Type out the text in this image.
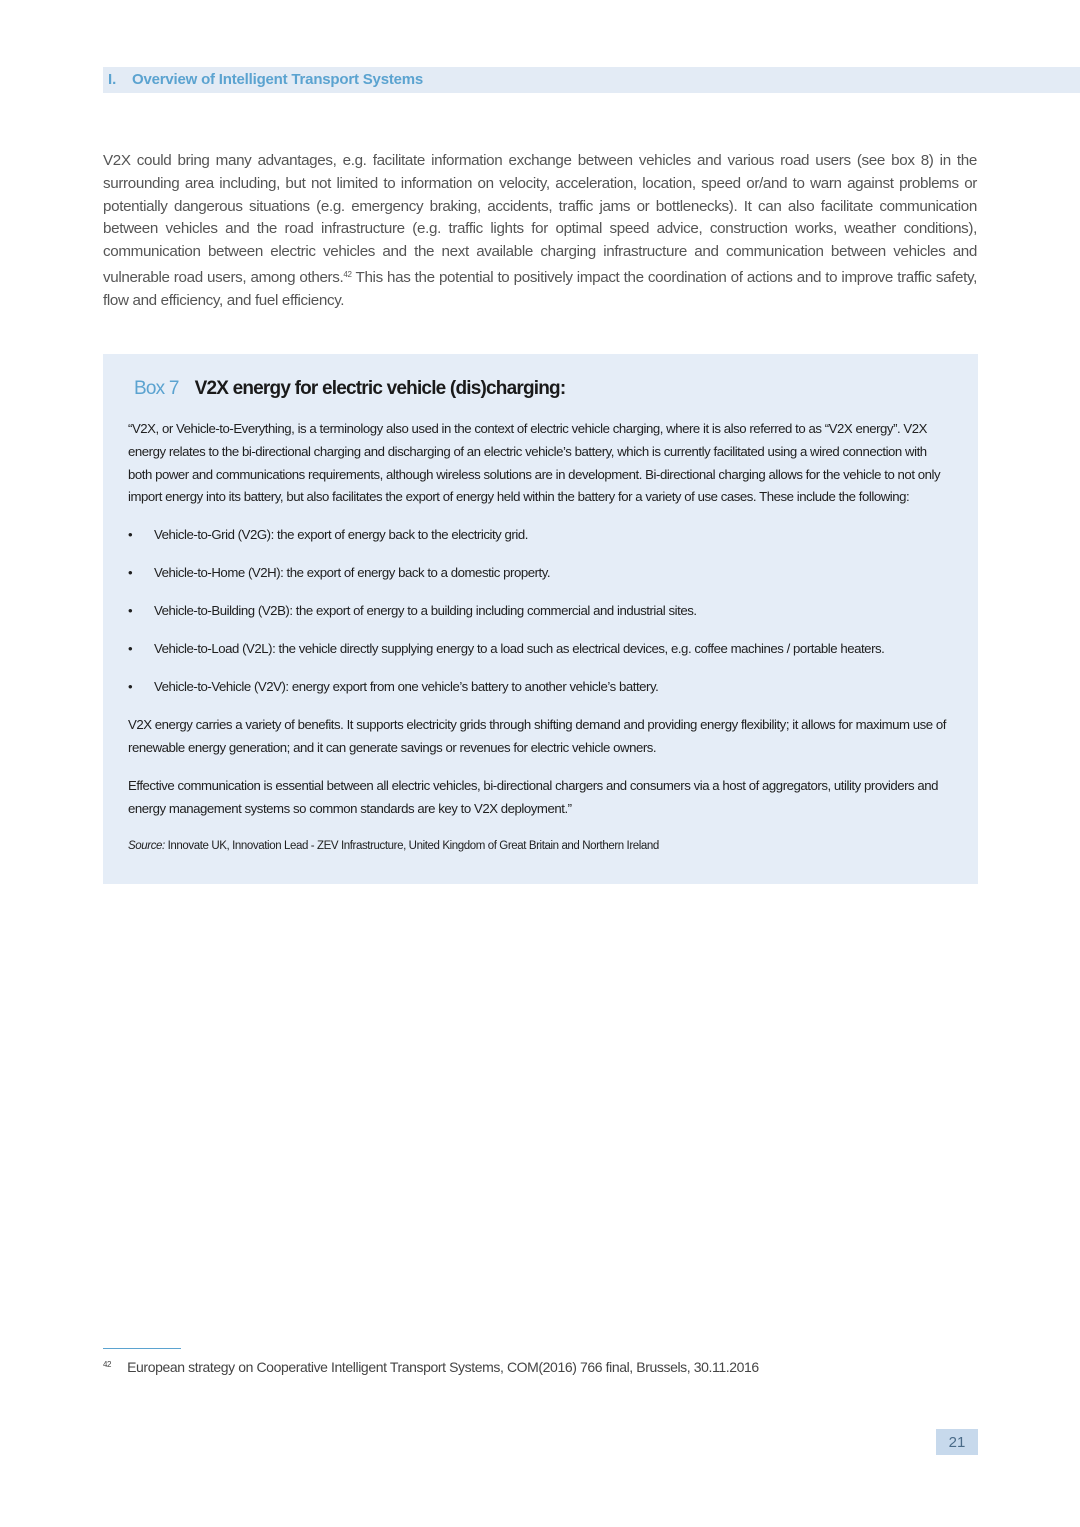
I. Overview of Intelligent Transport Systems

V2X could bring many advantages, e.g. facilitate information exchange between vehicles and various road users (see box 8) in the surrounding area including, but not limited to information on velocity, acceleration, location, speed or/and to warn against problems or potentially dangerous situations (e.g. emergency braking, accidents, traffic jams or bottlenecks). It can also facilitate communication between vehicles and the road infrastructure (e.g. traffic lights for optimal speed advice, construction works, weather conditions), communication between electric vehicles and the next available charging infrastructure and communication between vehicles and vulnerable road users, among others.$^{42}$ This has the potential to positively impact the coordination of actions and to improve traffic safety, flow and efficiency, and fuel efficiency.

Box 7 V2X energy for electric vehicle (dis)charging:

“V2X, or Vehicle-to-Everything, is a terminology also used in the context of electric vehicle charging, where it is also referred to as “V2X energy”. V2X energy relates to the bi-directional charging and discharging of an electric vehicle’s battery, which is currently facilitated using a wired connection with both power and communications requirements, although wireless solutions are in development. Bi-directional charging allows for the vehicle to not only import energy into its battery, but also facilitates the export of energy held within the battery for a variety of use cases. These include the following:

• Vehicle-to-Grid (V2G): the export of energy back to the electricity grid.
• Vehicle-to-Home (V2H): the export of energy back to a domestic property.
• Vehicle-to-Building (V2B): the export of energy to a building including commercial and industrial sites.
• Vehicle-to-Load (V2L): the vehicle directly supplying energy to a load such as electrical devices, e.g. coffee machines / portable heaters.
• Vehicle-to-Vehicle (V2V): energy export from one vehicle’s battery to another vehicle’s battery.

V2X energy carries a variety of benefits. It supports electricity grids through shifting demand and providing energy flexibility; it allows for maximum use of renewable energy generation; and it can generate savings or revenues for electric vehicle owners.

Effective communication is essential between all electric vehicles, bi-directional chargers and consumers via a host of aggregators, utility providers and energy management systems so common standards are key to V2X deployment.”

Source: Innovate UK, Innovation Lead - ZEV Infrastructure, United Kingdom of Great Britain and Northern Ireland

$^{42}$ European strategy on Cooperative Intelligent Transport Systems, COM(2016) 766 final, Brussels, 30.11.2016
21
